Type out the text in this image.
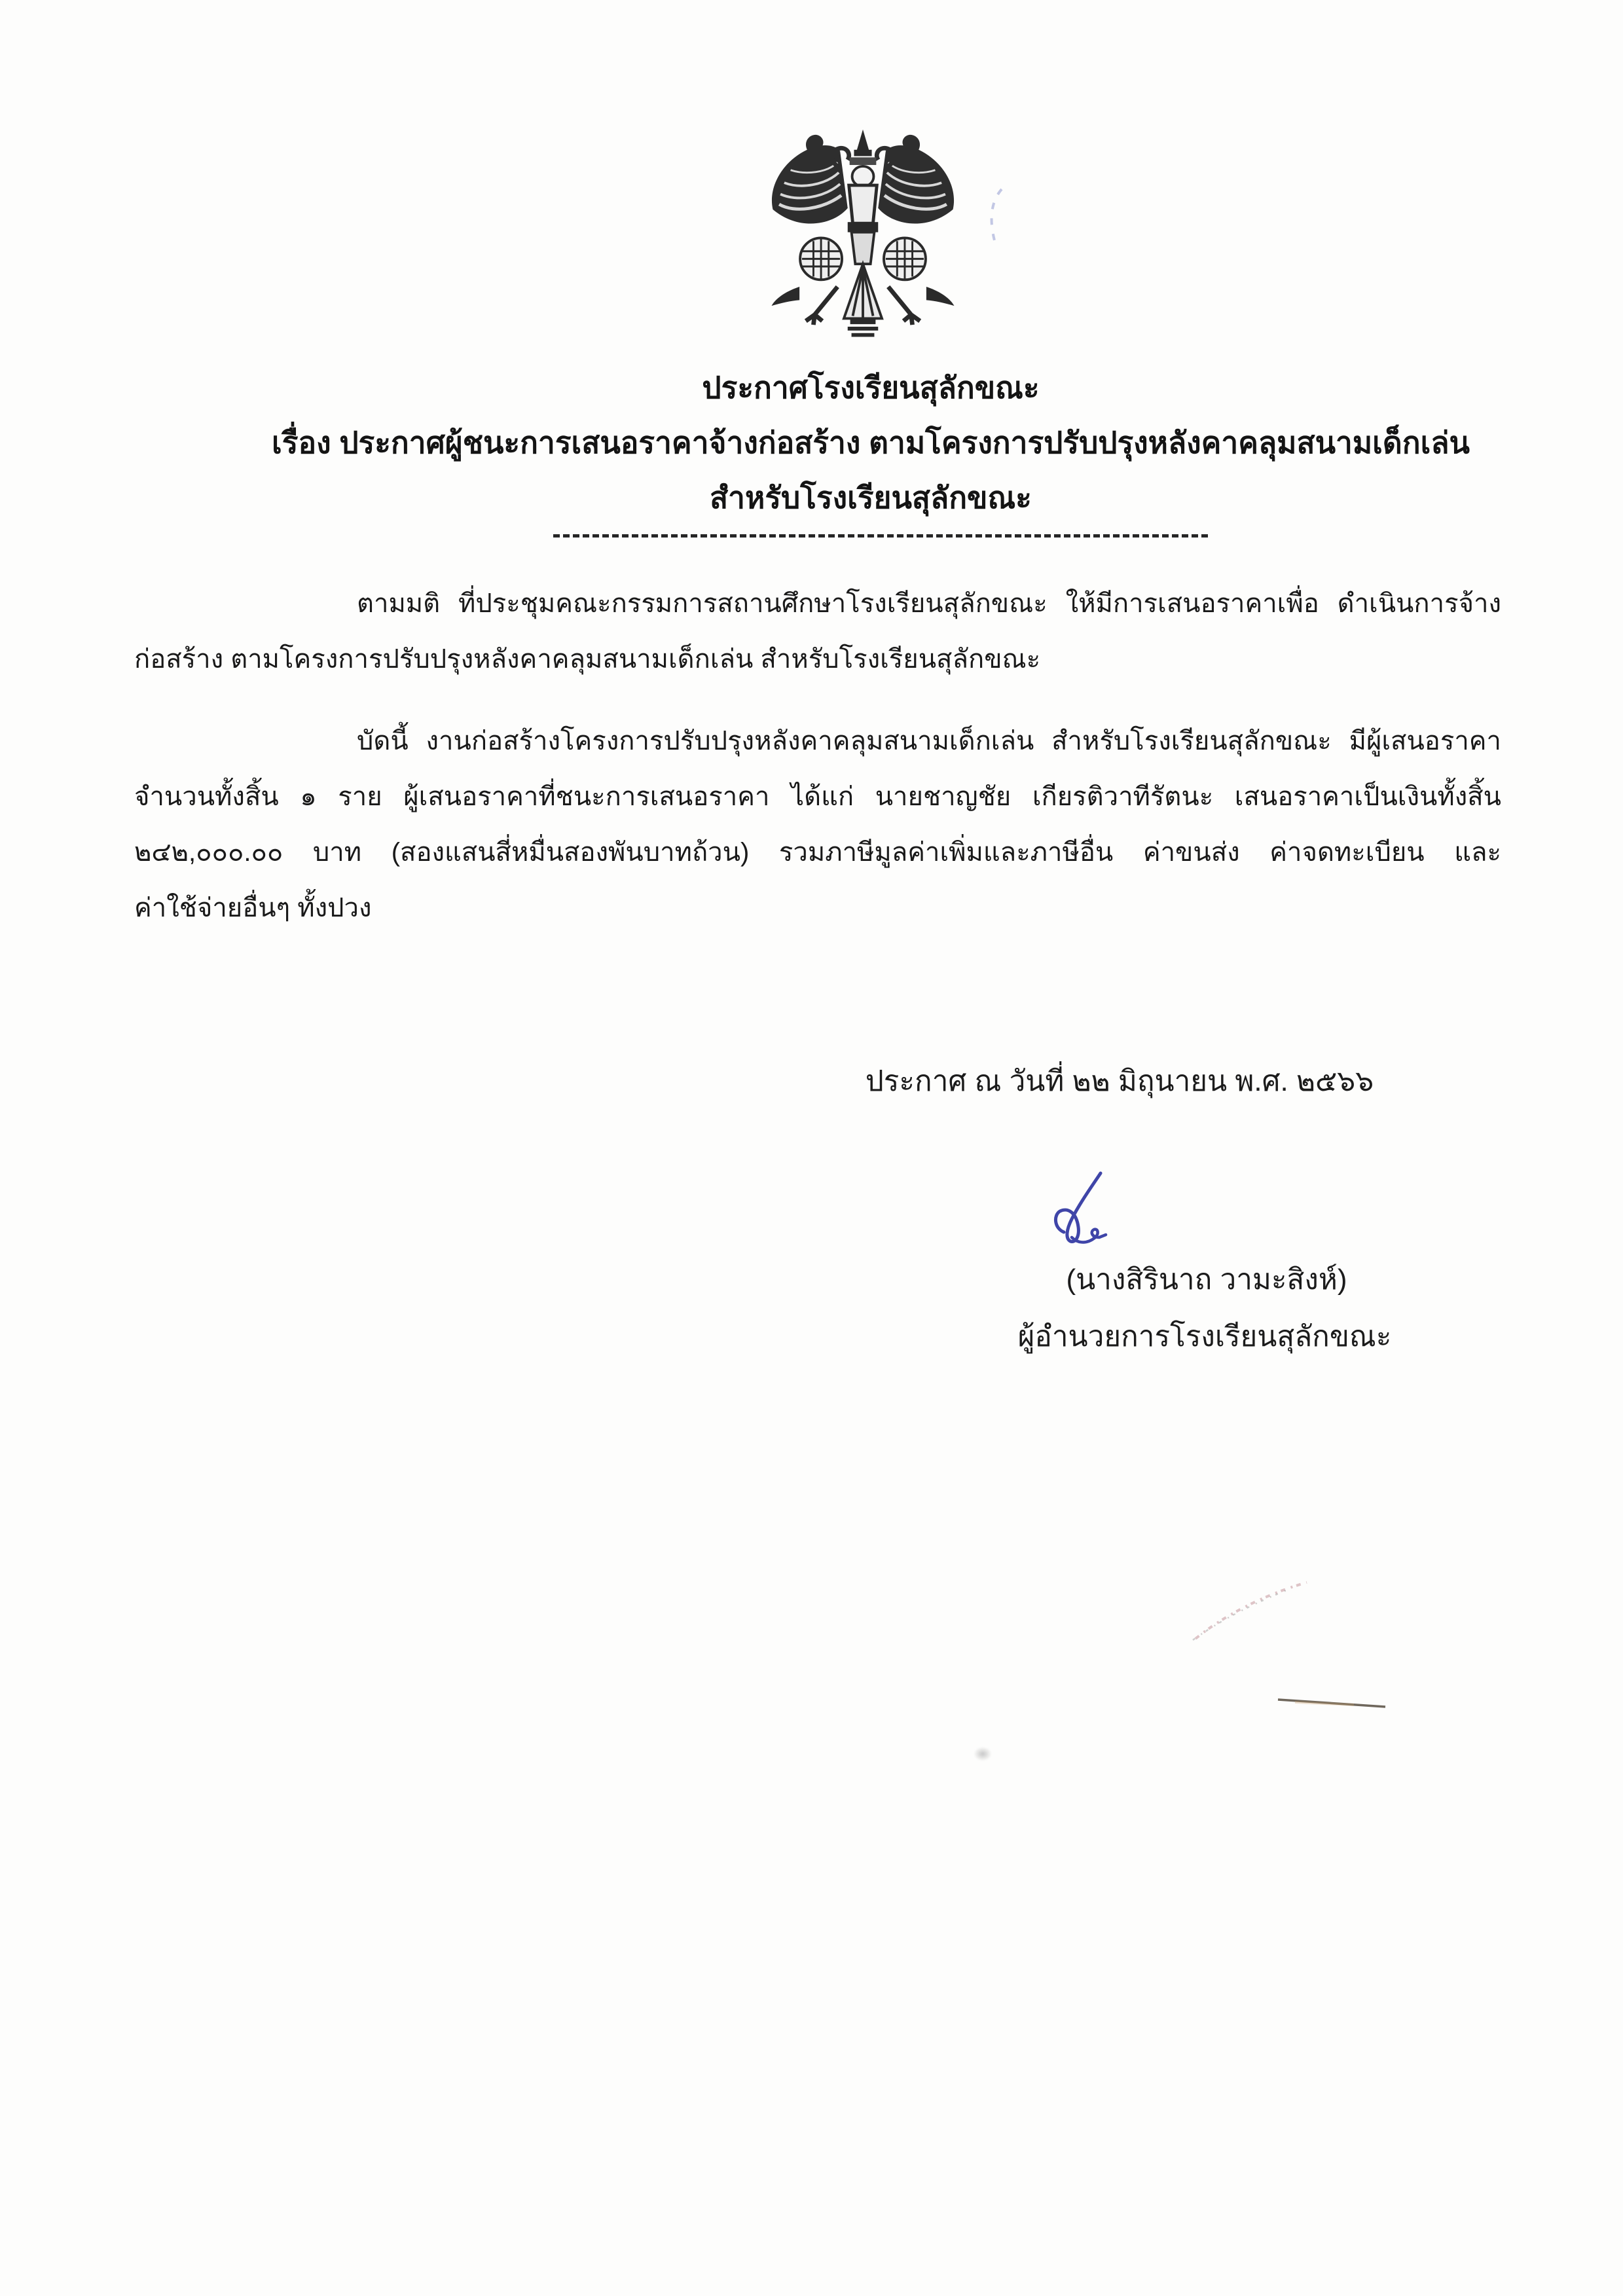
ประกาศโรงเรียนสุลักขณะ
เรื่อง ประกาศผู้ชนะการเสนอราคาจ้างก่อสร้าง ตามโครงการปรับปรุงหลังคาคลุมสนามเด็กเล่น
สำหรับโรงเรียนสุลักขณะ
ตามมติ ที่ประชุมคณะกรรมการสถานศึกษาโรงเรียนสุลักขณะ ให้มีการเสนอราคาเพื่อ ดำเนินการจ้าง
ก่อสร้าง ตามโครงการปรับปรุงหลังคาคลุมสนามเด็กเล่น สำหรับโรงเรียนสุลักขณะ
บัดนี้ งานก่อสร้างโครงการปรับปรุงหลังคาคลุมสนามเด็กเล่น สำหรับโรงเรียนสุลักขณะ มีผู้เสนอราคา
จำนวนทั้งสิ้น ๑ ราย ผู้เสนอราคาที่ชนะการเสนอราคา ได้แก่ นายชาญชัย เกียรติวาทีรัตนะ เสนอราคาเป็นเงินทั้งสิ้น
๒๔๒,๐๐๐.๐๐ บาท (สองแสนสี่หมื่นสองพันบาทถ้วน) รวมภาษีมูลค่าเพิ่มและภาษีอื่น ค่าขนส่ง ค่าจดทะเบียน และ
ค่าใช้จ่ายอื่นๆ ทั้งปวง
ประกาศ ณ วันที่ ๒๒ มิถุนายน พ.ศ. ๒๕๖๖
(นางสิรินาถ วามะสิงห์)
ผู้อำนวยการโรงเรียนสุลักขณะ
